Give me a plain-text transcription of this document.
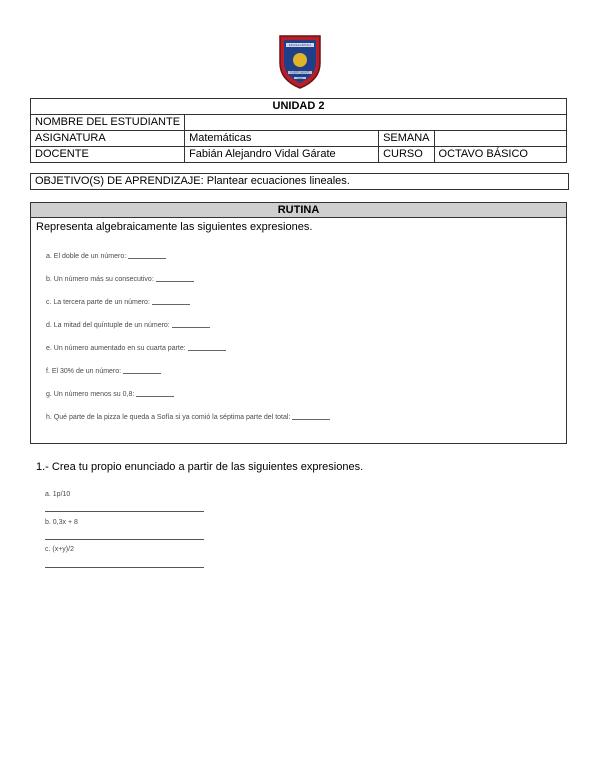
ESCUELA BÁSICA
PUERTO MONTT
CHILE
UNIDAD 2			
NOMBRE DEL ESTUDIANTE			
ASIGNATURA	Matemáticas	SEMANA	
DOCENTE	Fabián Alejandro Vidal Gárate	CURSO	OCTAVO BÁSICO
OBJETIVO(S) DE APRENDIZAJE: Plantear ecuaciones lineales.
RUTINA
Representa algebraicamente las siguientes expresiones.
a. El doble de un número:
b. Un número más su consecutivo:
c. La tercera parte de un número:
d. La mitad del quíntuple de un número:
e. Un número aumentado en su cuarta parte:
f. El 30% de un número:
g. Un número menos su 0,8:
h. Qué parte de la pizza le queda a Sofía si ya comió la séptima parte del total:
1.- Crea tu propio enunciado a partir de las siguientes expresiones.
a. 1p/10
b. 0,3x + 8
c. (x+y)/2
